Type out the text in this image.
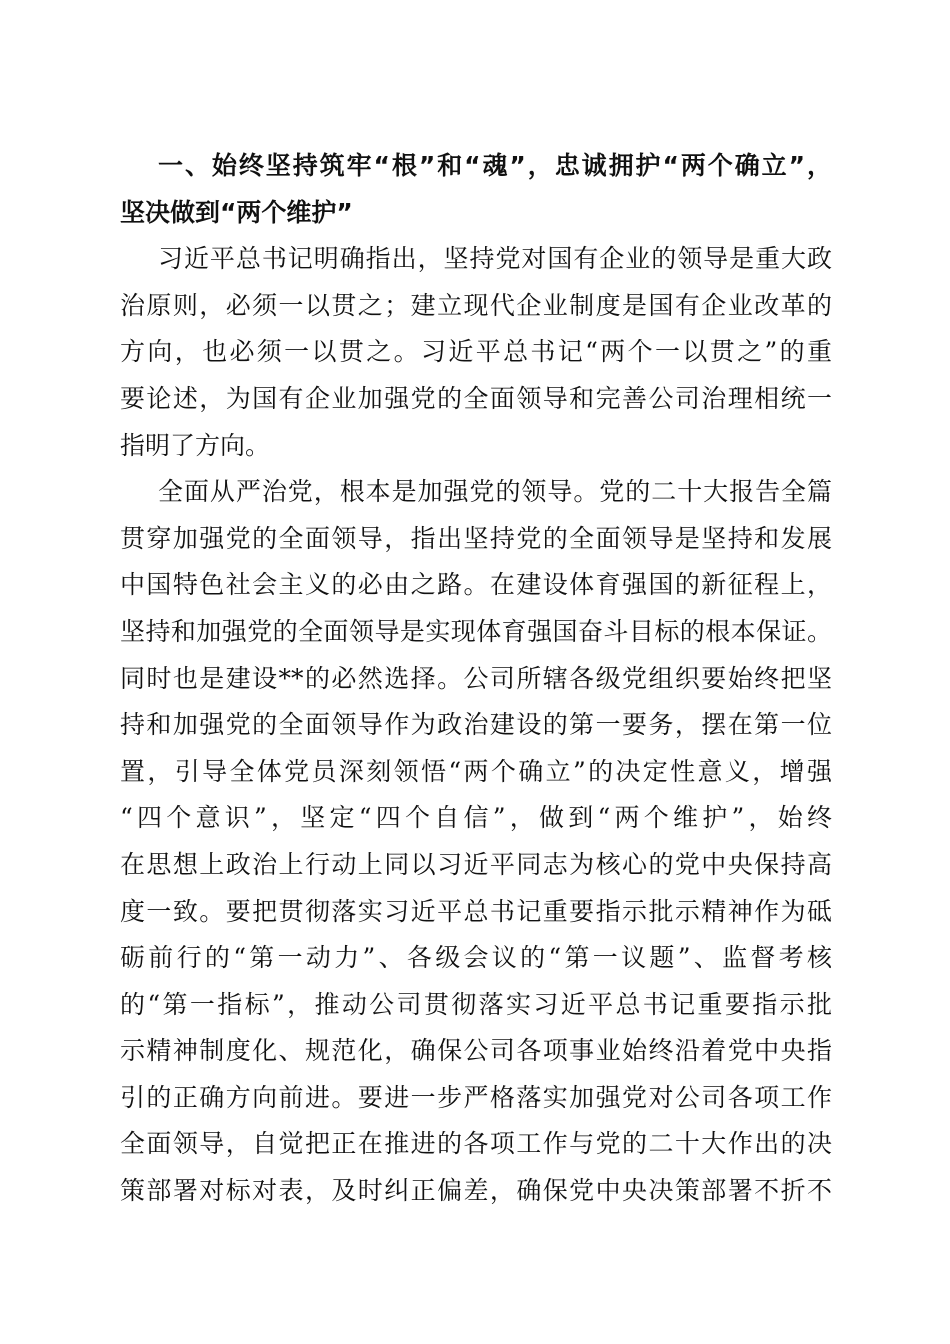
一、始终坚持筑牢“根”和“魂”，忠诚拥护“两个确立”，
坚决做到“两个维护”
习近平总书记明确指出，坚持党对国有企业的领导是重大政
治原则，必须一以贯之；建立现代企业制度是国有企业改革的
方向，也必须一以贯之。习近平总书记“两个一以贯之”的重
要论述，为国有企业加强党的全面领导和完善公司治理相统一
指明了方向。
全面从严治党，根本是加强党的领导。党的二十大报告全篇
贯穿加强党的全面领导，指出坚持党的全面领导是坚持和发展
中国特色社会主义的必由之路。在建设体育强国的新征程上，
坚持和加强党的全面领导是实现体育强国奋斗目标的根本保证。
同时也是建设**的必然选择。公司所辖各级党组织要始终把坚
持和加强党的全面领导作为政治建设的第一要务，摆在第一位
置，引导全体党员深刻领悟“两个确立”的决定性意义，增强
“四个意识”，坚定“四个自信”，做到“两个维护”，始终
在思想上政治上行动上同以习近平同志为核心的党中央保持高
度一致。要把贯彻落实习近平总书记重要指示批示精神作为砥
砺前行的“第一动力”、各级会议的“第一议题”、监督考核
的“第一指标”，推动公司贯彻落实习近平总书记重要指示批
示精神制度化、规范化，确保公司各项事业始终沿着党中央指
引的正确方向前进。要进一步严格落实加强党对公司各项工作
全面领导，自觉把正在推进的各项工作与党的二十大作出的决
策部署对标对表，及时纠正偏差，确保党中央决策部署不折不
